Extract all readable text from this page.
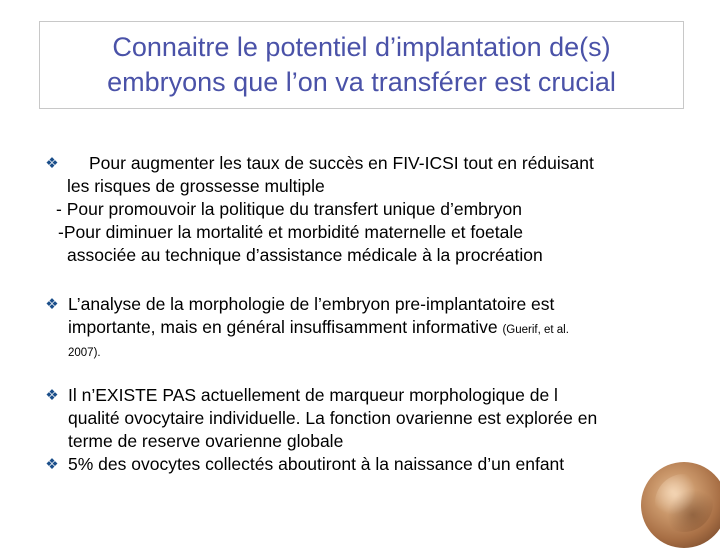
Connaitre le potentiel d’implantation de(s)
embryons que l’on va transférer est crucial
❖	Pour augmenter les taux de succès en FIV-ICSI tout en réduisant
les risques de grossesse multiple
- Pour promouvoir la politique du transfert unique d’embryon
-Pour diminuer la mortalité et morbidité maternelle et foetale
associée au technique d’assistance médicale à la procréation
❖ L’analyse de la morphologie de l’embryon pre-implantatoire est
importante, mais en général insuffisamment informative (Guerif, et al.
2007).
❖ Il n’EXISTE PAS actuellement de marqueur morphologique de l
qualité ovocytaire individuelle. La fonction ovarienne est explorée en
terme de reserve ovarienne globale
❖ 5% des ovocytes collectés aboutiront à la naissance d’un enfant
